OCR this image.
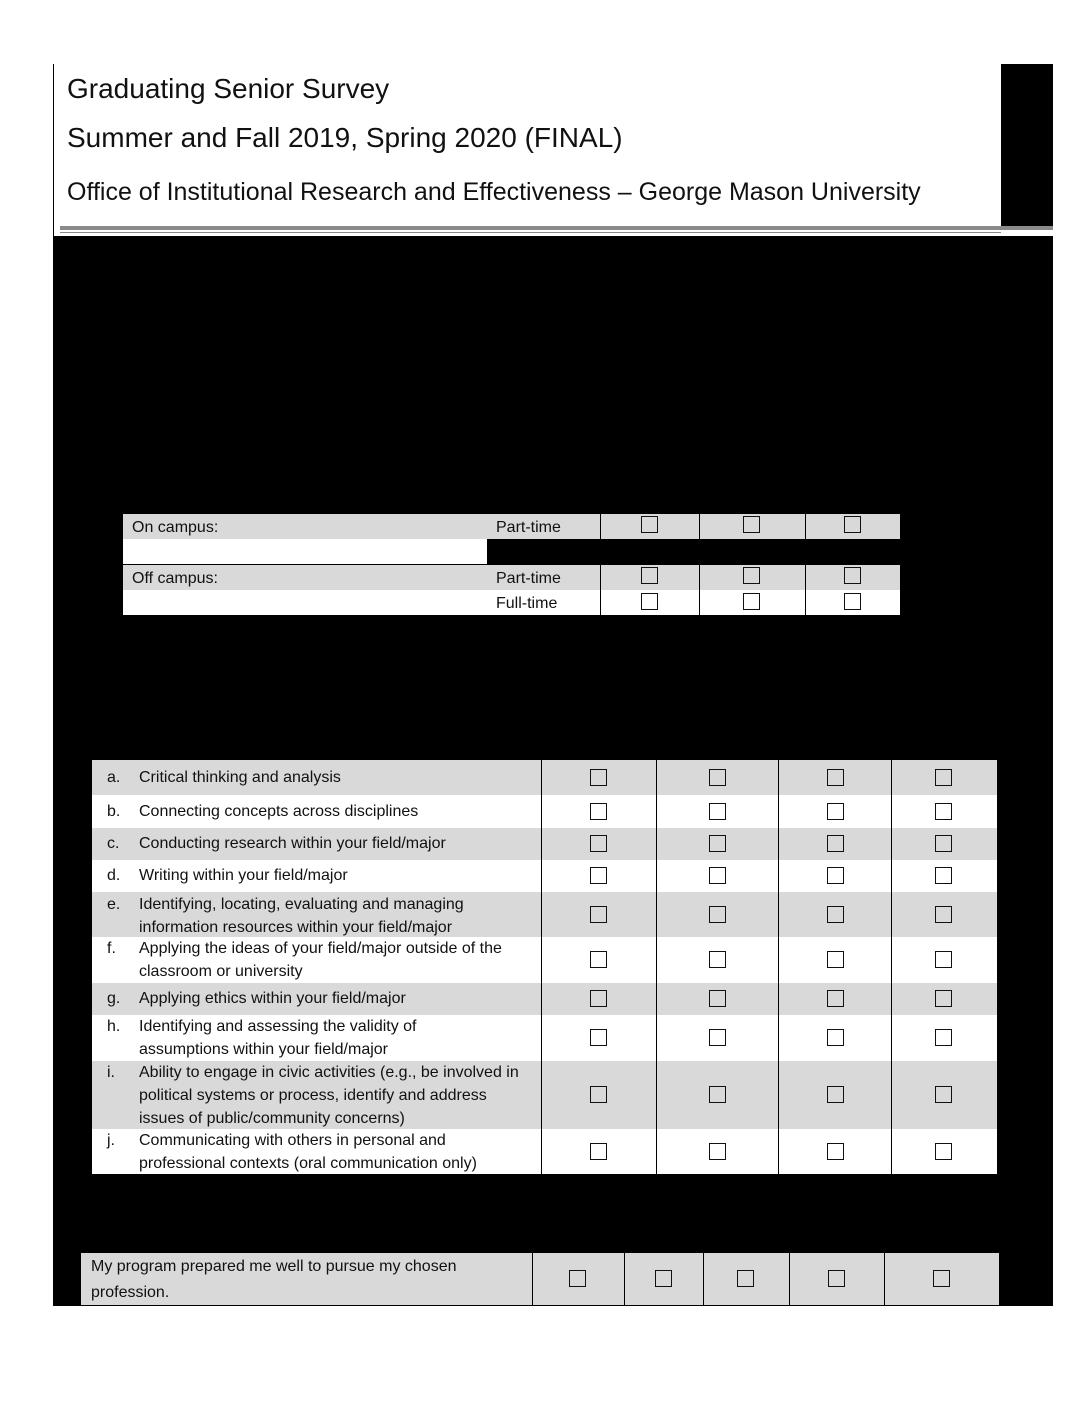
Graduating Senior Survey
Summer and Fall 2019, Spring 2020 (FINAL)
Office of Institutional Research and Effectiveness – George Mason University
On campus:	Part-time
Off campus:	Part-time
Full-time
a. Critical thinking and analysis
b. Connecting concepts across disciplines
c. Conducting research within your field/major
d. Writing within your field/major
e. Identifying, locating, evaluating and managing information resources within your field/major
f. Applying the ideas of your field/major outside of the classroom or university
g. Applying ethics within your field/major
h. Identifying and assessing the validity of assumptions within your field/major
i. Ability to engage in civic activities (e.g., be involved in political systems or process, identify and address issues of public/community concerns)
j. Communicating with others in personal and professional contexts (oral communication only)
My program prepared me well to pursue my chosen profession.
